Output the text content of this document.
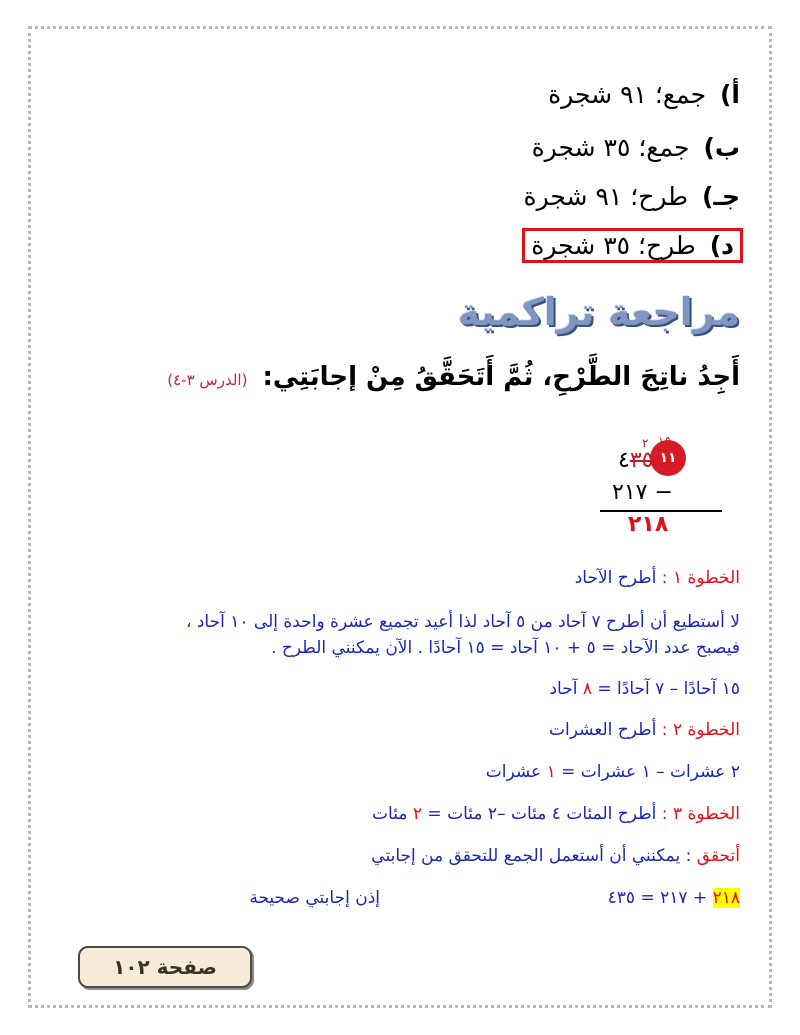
أ) جمع؛ ٩١ شجرة
ب) جمع؛ ٣٥ شجرة
جـ) طرح؛ ٩١ شجرة
د) طرح؛ ٣٥ شجرة
مراجعة تراكمية
أَجِدُ ناتِجَ الطَّرْحِ، ثُمَّ أَتَحَقَّقُ مِنْ إجابَتِي: (الدرس ٣-٤)
١١
٤٣٥
٢ ١٥
٢١٧ −
٢١٨
الخطوة ١ : أطرح الآحاد
لا أستطيع أن أطرح ٧ آحاد من ٥ آحاد لذا أعيد تجميع عشرة واحدة إلى ١٠ آحاد ،
فيصبح عدد الآحاد = ٥ + ١٠ آحاد = ١٥ آحادًا . الآن يمكنني الطرح .
١٥ آحادًا – ٧ آحادًا = ٨ آحاد
الخطوة ٢ : أطرح العشرات
٢ عشرات – ١ عشرات = ١ عشرات
الخطوة ٣ : أطرح المئات ٤ مئات –٢ مئات = ٢ مئات
أتحقق : يمكنني أن أستعمل الجمع للتحقق من إجابتي
٢١٨ + ٢١٧ = ٤٣٥
إذن إجابتي صحيحة
صفحة ١٠٢
